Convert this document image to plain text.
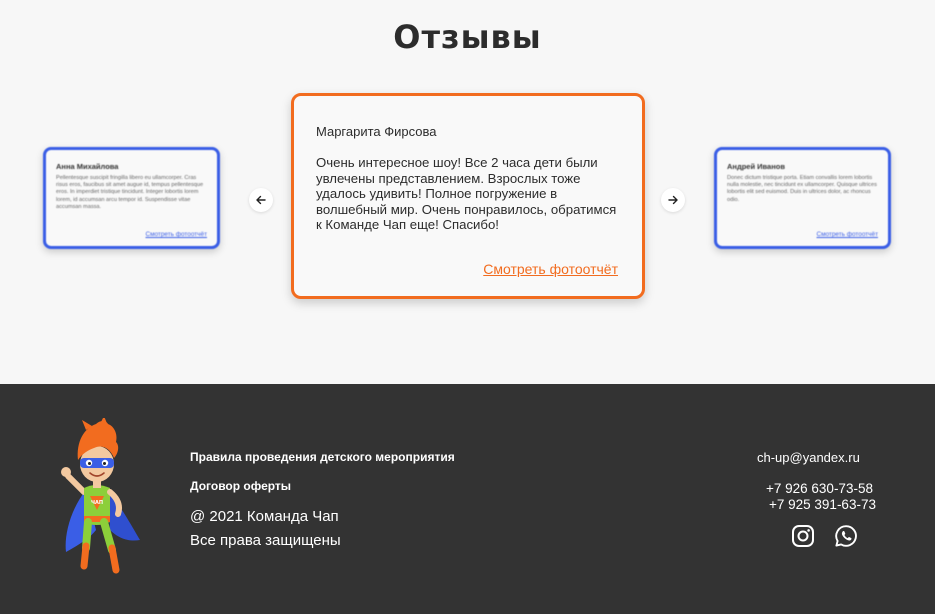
Отзывы
Анна Михайлова
Pellentesque suscipit fringilla libero eu ullamcorper. Cras risus eros, faucibus sit amet augue id, tempus pellentesque eros. In imperdiet tristique tincidunt. Integer lobortis lorem lorem, id accumsan arcu tempor id. Suspendisse vitae accumsan massa.
Смотреть фотоотчёт
Маргарита Фирсова
Очень интересное шоу! Все 2 часа дети были увлечены представлением. Взрослых тоже удалось удивить! Полное погружение в волшебный мир. Очень понравилось, обратимся к Команде Чап еще! Спасибо!
Смотреть фотоотчёт
Андрей Иванов
Donec dictum tristique porta. Etiam convallis lorem lobortis nulla molestie, nec tincidunt ex ullamcorper. Quisque ultrices lobortis elit sed euismod. Duis in ultrices dolor, ac rhoncus odio.
Смотреть фотоотчёт
ЧАП
Правила проведения детского мероприятия
Договор оферты
@ 2021 Команда Чап
Все права защищены
ch-up@yandex.ru
+7 926 630-73-58
+7 925 391-63-73
